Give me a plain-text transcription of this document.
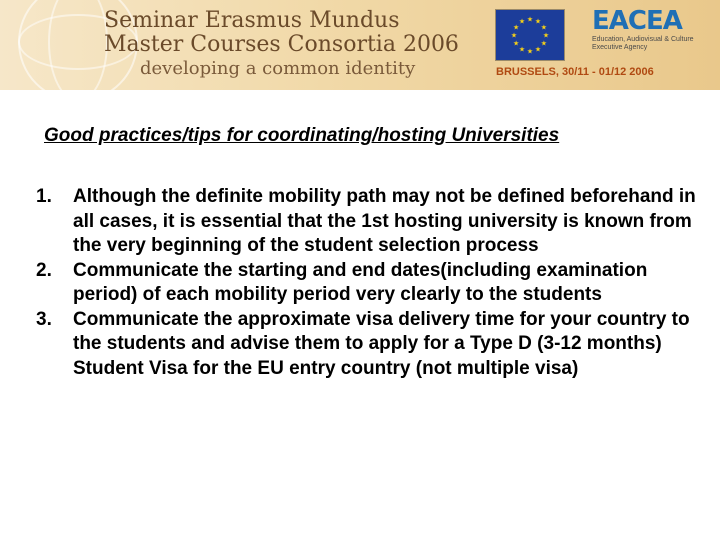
Seminar Erasmus Mundus
Master Courses Consortia 2006
developing a common identity
★ ★
★
★
★
★
★
★
★
★
★
★	EACEA
Education, Audiovisual & Culture Executive Agency
BRUSSELS, 30/11 - 01/12 2006
Good practices/tips for coordinating/hosting Universities
1.	Although the definite mobility path may not be defined beforehand in all cases, it is essential that the 1st hosting university is known from the very beginning of the student selection process
2.	Communicate the starting and end dates(including examination period) of each mobility period very clearly to the students
3.	Communicate the approximate visa delivery time for your country to the students and advise them to apply for a Type D (3-12 months) Student Visa for the EU entry country (not multiple visa)
